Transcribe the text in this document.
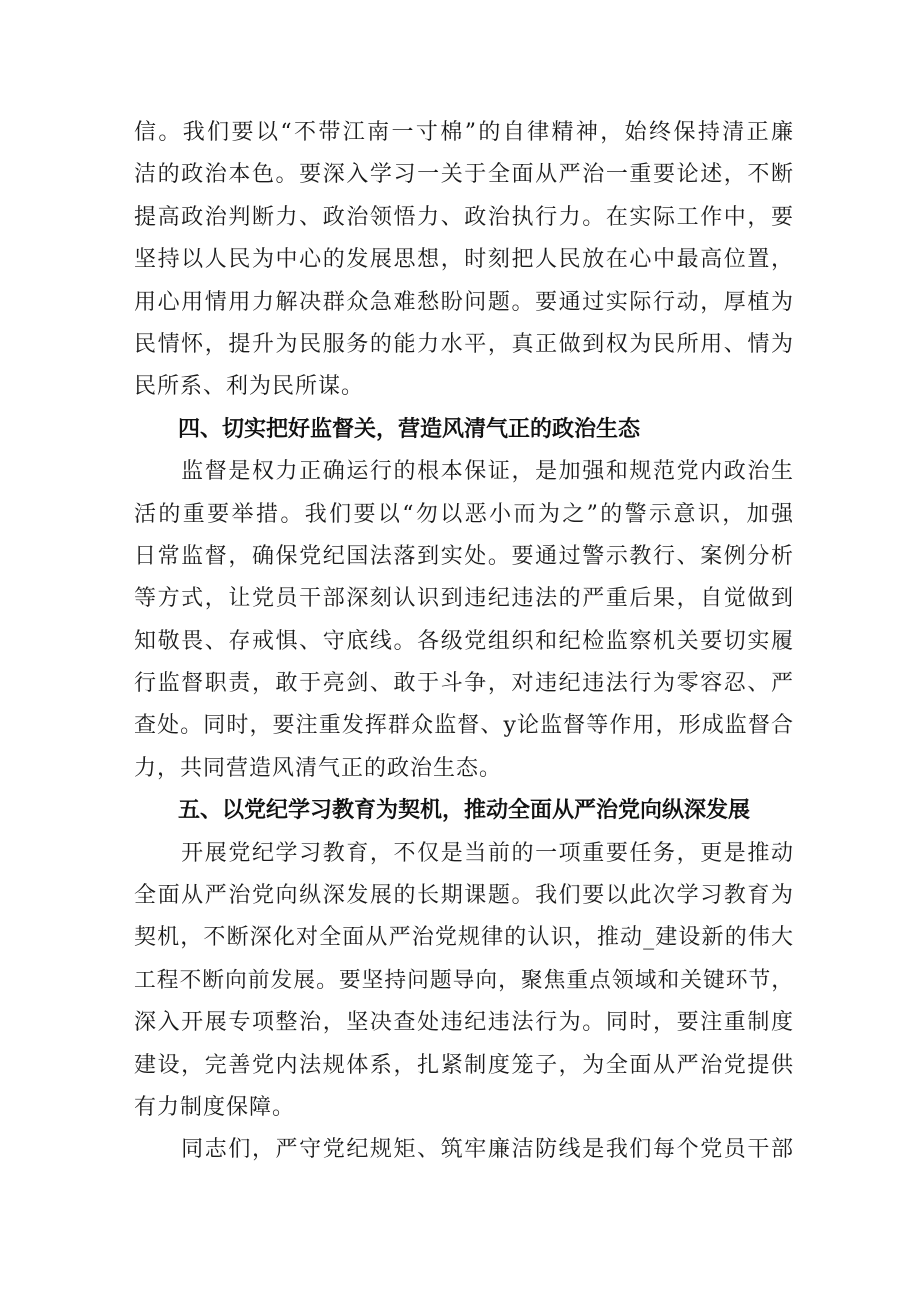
信。我们要以“不带江南一寸棉”的自律精神，始终保持清正廉
洁的政治本色。要深入学习一关于全面从严治一重要论述，不断
提高政治判断力、政治领悟力、政治执行力。在实际工作中，要
坚持以人民为中心的发展思想，时刻把人民放在心中最高位置，
用心用情用力解决群众急难愁盼问题。要通过实际行动，厚植为
民情怀，提升为民服务的能力水平，真正做到权为民所用、情为
民所系、利为民所谋。
　　四、切实把好监督关，营造风清气正的政治生态
　　监督是权力正确运行的根本保证，是加强和规范党内政治生
活的重要举措。我们要以“勿以恶小而为之”的警示意识，加强
日常监督，确保党纪国法落到实处。要通过警示教行、案例分析
等方式，让党员干部深刻认识到违纪违法的严重后果，自觉做到
知敬畏、存戒惧、守底线。各级党组织和纪检监察机关要切实履
行监督职责，敢于亮剑、敢于斗争，对违纪违法行为零容忍、严
查处。同时，要注重发挥群众监督、y论监督等作用，形成监督合
力，共同营造风清气正的政治生态。
　　五、以党纪学习教育为契机，推动全面从严治党向纵深发展
　　开展党纪学习教育，不仅是当前的一项重要任务，更是推动
全面从严治党向纵深发展的长期课题。我们要以此次学习教育为
契机，不断深化对全面从严治党规律的认识，推动_建设新的伟大
工程不断向前发展。要坚持问题导向，聚焦重点领域和关键环节，
深入开展专项整治，坚决查处违纪违法行为。同时，要注重制度
建设，完善党内法规体系，扎紧制度笼子，为全面从严治党提供
有力制度保障。
　　同志们，严守党纪规矩、筑牢廉洁防线是我们每个党员干部
